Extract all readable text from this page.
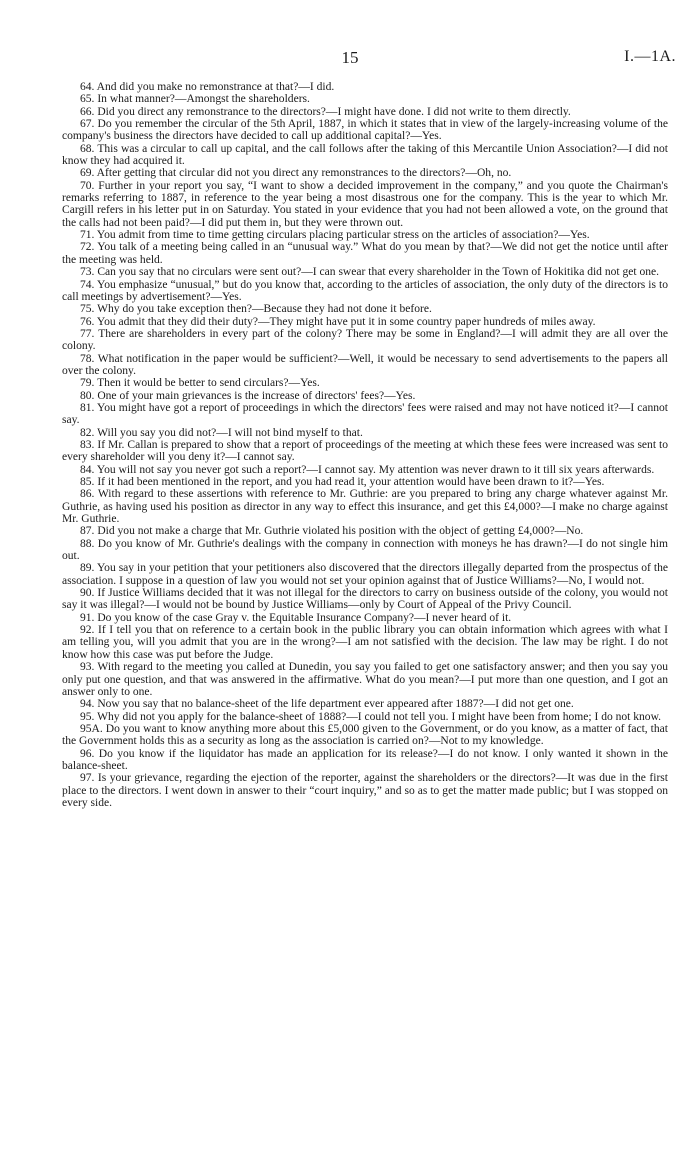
15	I.—1A.

64. And did you make no remonstrance at that?—I did.

65. In what manner?—Amongst the shareholders.

66. Did you direct any remonstrance to the directors?—I might have done. I did not write to them directly.

67. Do you remember the circular of the 5th April, 1887, in which it states that in view of the largely-increasing volume of the company's business the directors have decided to call up additional capital?—Yes.

68. This was a circular to call up capital, and the call follows after the taking of this Mercantile Union Association?—I did not know they had acquired it.

69. After getting that circular did not you direct any remonstrances to the directors?—Oh, no.

70. Further in your report you say, “I want to show a decided improvement in the company,” and you quote the Chairman's remarks referring to 1887, in reference to the year being a most disastrous one for the company. This is the year to which Mr. Cargill refers in his letter put in on Saturday. You stated in your evidence that you had not been allowed a vote, on the ground that the calls had not been paid?—I did put them in, but they were thrown out.

71. You admit from time to time getting circulars placing particular stress on the articles of association?—Yes.

72. You talk of a meeting being called in an “unusual way.” What do you mean by that?—We did not get the notice until after the meeting was held.

73. Can you say that no circulars were sent out?—I can swear that every shareholder in the Town of Hokitika did not get one.

74. You emphasize “unusual,” but do you know that, according to the articles of association, the only duty of the directors is to call meetings by advertisement?—Yes.

75. Why do you take exception then?—Because they had not done it before.

76. You admit that they did their duty?—They might have put it in some country paper hundreds of miles away.

77. There are shareholders in every part of the colony? There may be some in England?—I will admit they are all over the colony.

78. What notification in the paper would be sufficient?—Well, it would be necessary to send advertisements to the papers all over the colony.

79. Then it would be better to send circulars?—Yes.

80. One of your main grievances is the increase of directors' fees?—Yes.

81. You might have got a report of proceedings in which the directors' fees were raised and may not have noticed it?—I cannot say.

82. Will you say you did not?—I will not bind myself to that.

83. If Mr. Callan is prepared to show that a report of proceedings of the meeting at which these fees were increased was sent to every shareholder will you deny it?—I cannot say.

84. You will not say you never got such a report?—I cannot say. My attention was never drawn to it till six years afterwards.

85. If it had been mentioned in the report, and you had read it, your attention would have been drawn to it?—Yes.

86. With regard to these assertions with reference to Mr. Guthrie: are you prepared to bring any charge whatever against Mr. Guthrie, as having used his position as director in any way to effect this insurance, and get this £4,000?—I make no charge against Mr. Guthrie.

87. Did you not make a charge that Mr. Guthrie violated his position with the object of getting £4,000?—No.

88. Do you know of Mr. Guthrie's dealings with the company in connection with moneys he has drawn?—I do not single him out.

89. You say in your petition that your petitioners also discovered that the directors illegally departed from the prospectus of the association. I suppose in a question of law you would not set your opinion against that of Justice Williams?—No, I would not.

90. If Justice Williams decided that it was not illegal for the directors to carry on business outside of the colony, you would not say it was illegal?—I would not be bound by Justice Williams—only by Court of Appeal of the Privy Council.

91. Do you know of the case Gray v. the Equitable Insurance Company?—I never heard of it.

92. If I tell you that on reference to a certain book in the public library you can obtain information which agrees with what I am telling you, will you admit that you are in the wrong?—I am not satisfied with the decision. The law may be right. I do not know how this case was put before the Judge.

93. With regard to the meeting you called at Dunedin, you say you failed to get one satisfactory answer; and then you say you only put one question, and that was answered in the affirmative. What do you mean?—I put more than one question, and I got an answer only to one.

94. Now you say that no balance-sheet of the life department ever appeared after 1887?—I did not get one.

95. Why did not you apply for the balance-sheet of 1888?—I could not tell you. I might have been from home; I do not know.

95A. Do you want to know anything more about this £5,000 given to the Government, or do you know, as a matter of fact, that the Government holds this as a security as long as the association is carried on?—Not to my knowledge.

96. Do you know if the liquidator has made an application for its release?—I do not know. I only wanted it shown in the balance-sheet.

97. Is your grievance, regarding the ejection of the reporter, against the shareholders or the directors?—It was due in the first place to the directors. I went down in answer to their “court inquiry,” and so as to get the matter made public; but I was stopped on every side.
